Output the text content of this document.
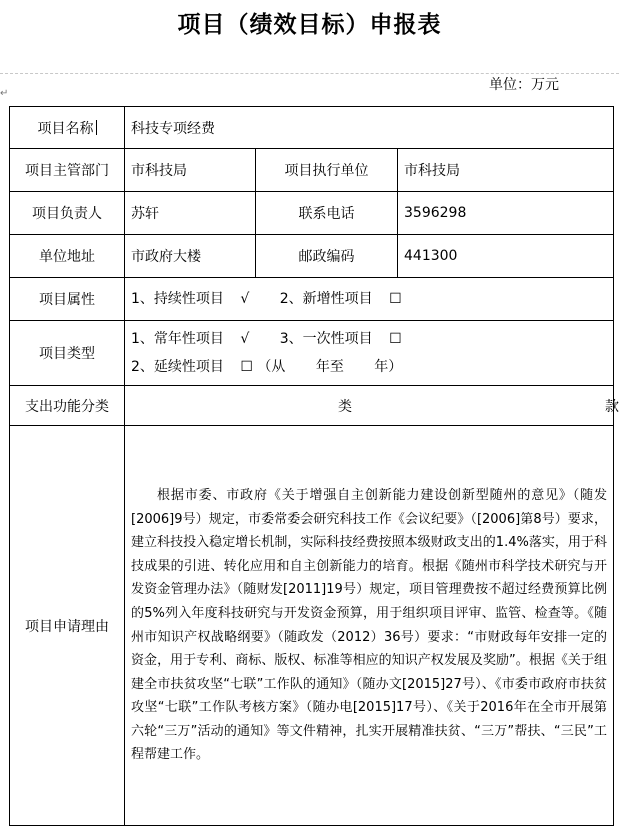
项目（绩效目标）申报表
↵
单位：万元
项目名称	科技专项经费		
项目主管部门	市科技局	项目执行单位	市科技局
项目负责人	苏轩	联系电话	3596298
单位地址	市政府大楼	邮政编码	441300
项目属性	1、持续性项目 √ 2、新增性项目 ☐		

项目类型	1、常年性项目 √ 3、一次性项目 ☐
2、延续性项目 ☐ （从 年至 年）		

支出功能分类	类 款		
项目申请理由	根据市委、市政府《关于增强自主创新能力建设创新型随州的意见》（随发[2006]9号）规定，市委常委会研究科技工作《会议纪要》（[2006]第8号）要求，建立科技投入稳定增长机制，实际科技经费按照本级财政支出的1.4%落实，用于科技成果的引进、转化应用和自主创新能力的培育。根据《随州市科学技术研究与开发资金管理办法》（随财发[2011]19号）规定，项目管理费按不超过经费预算比例的5%列入年度科技研究与开发资金预算，用于组织项目评审、监管、检查等。《随州市知识产权战略纲要》（随政发（2012）36号）要求：“市财政每年安排一定的资金，用于专利、商标、版权、标准等相应的知识产权发展及奖励”。根据《关于组建全市扶贫攻坚“七联”工作队的通知》（随办文[2015]27号）、《市委市政府市扶贫攻坚“七联”工作队考核方案》（随办电[2015]17号）、《关于2016年在全市开展第六轮“三万”活动的通知》等文件精神，扎实开展精准扶贫、“三万”帮扶、“三民”工程帮建工作。		
